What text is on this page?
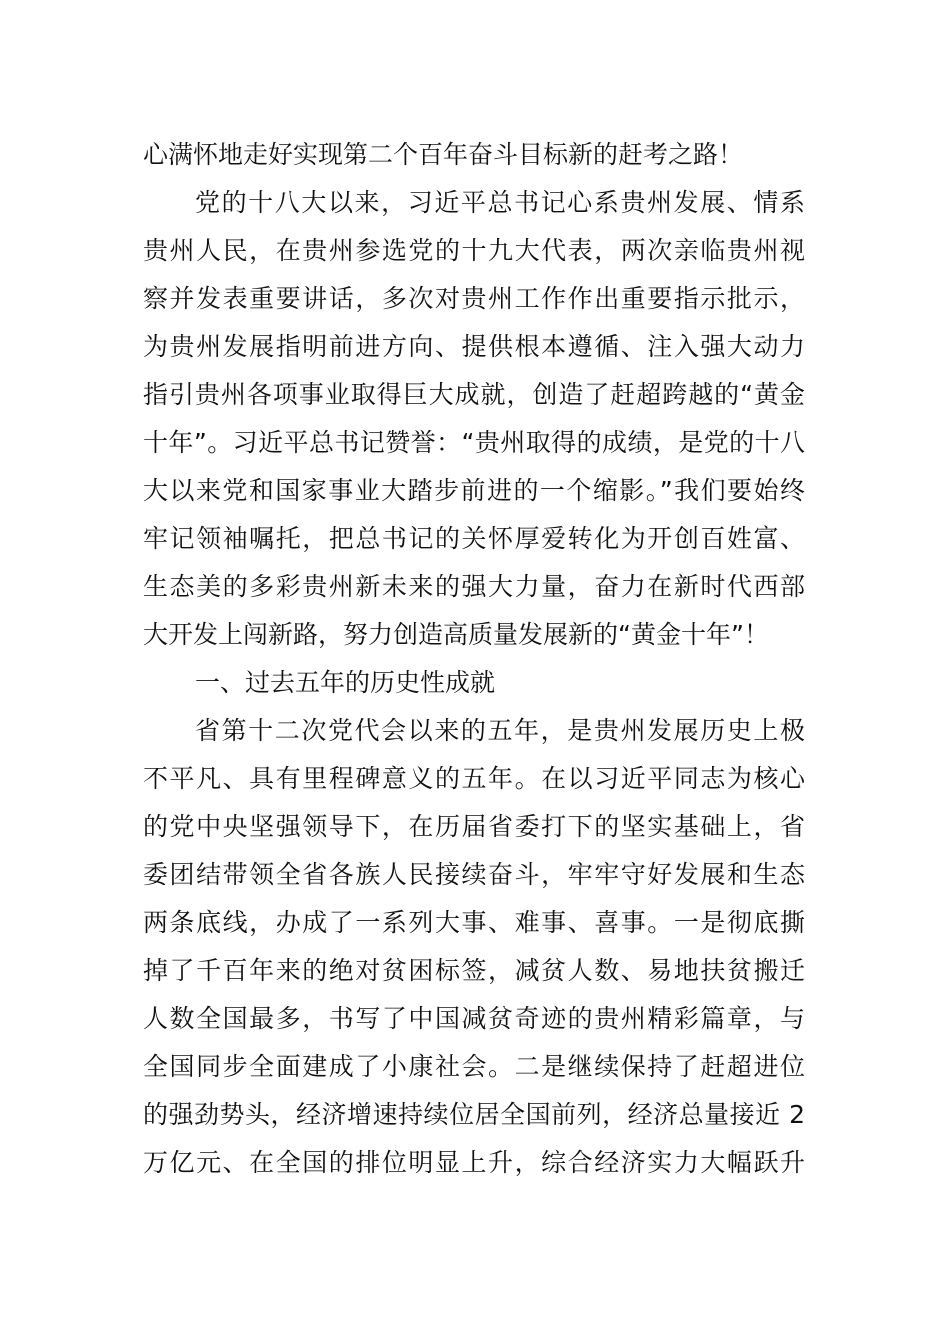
心满怀地走好实现第二个百年奋斗目标新的赶考之路！
党的十八大以来，习近平总书记心系贵州发展、情系
贵州人民，在贵州参选党的十九大代表，两次亲临贵州视
察并发表重要讲话，多次对贵州工作作出重要指示批示，
为贵州发展指明前进方向、提供根本遵循、注入强大动力
指引贵州各项事业取得巨大成就，创造了赶超跨越的“黄金
十年”。习近平总书记赞誉：“贵州取得的成绩，是党的十八
大以来党和国家事业大踏步前进的一个缩影。”我们要始终
牢记领袖嘱托，把总书记的关怀厚爱转化为开创百姓富、
生态美的多彩贵州新未来的强大力量，奋力在新时代西部
大开发上闯新路，努力创造高质量发展新的“黄金十年”！
一、过去五年的历史性成就
省第十二次党代会以来的五年，是贵州发展历史上极
不平凡、具有里程碑意义的五年。在以习近平同志为核心
的党中央坚强领导下，在历届省委打下的坚实基础上，省
委团结带领全省各族人民接续奋斗，牢牢守好发展和生态
两条底线，办成了一系列大事、难事、喜事。一是彻底撕
掉了千百年来的绝对贫困标签，减贫人数、易地扶贫搬迁
人数全国最多，书写了中国减贫奇迹的贵州精彩篇章，与
全国同步全面建成了小康社会。二是继续保持了赶超进位
的强劲势头，经济增速持续位居全国前列，经济总量接近 2
万亿元、在全国的排位明显上升，综合经济实力大幅跃升
